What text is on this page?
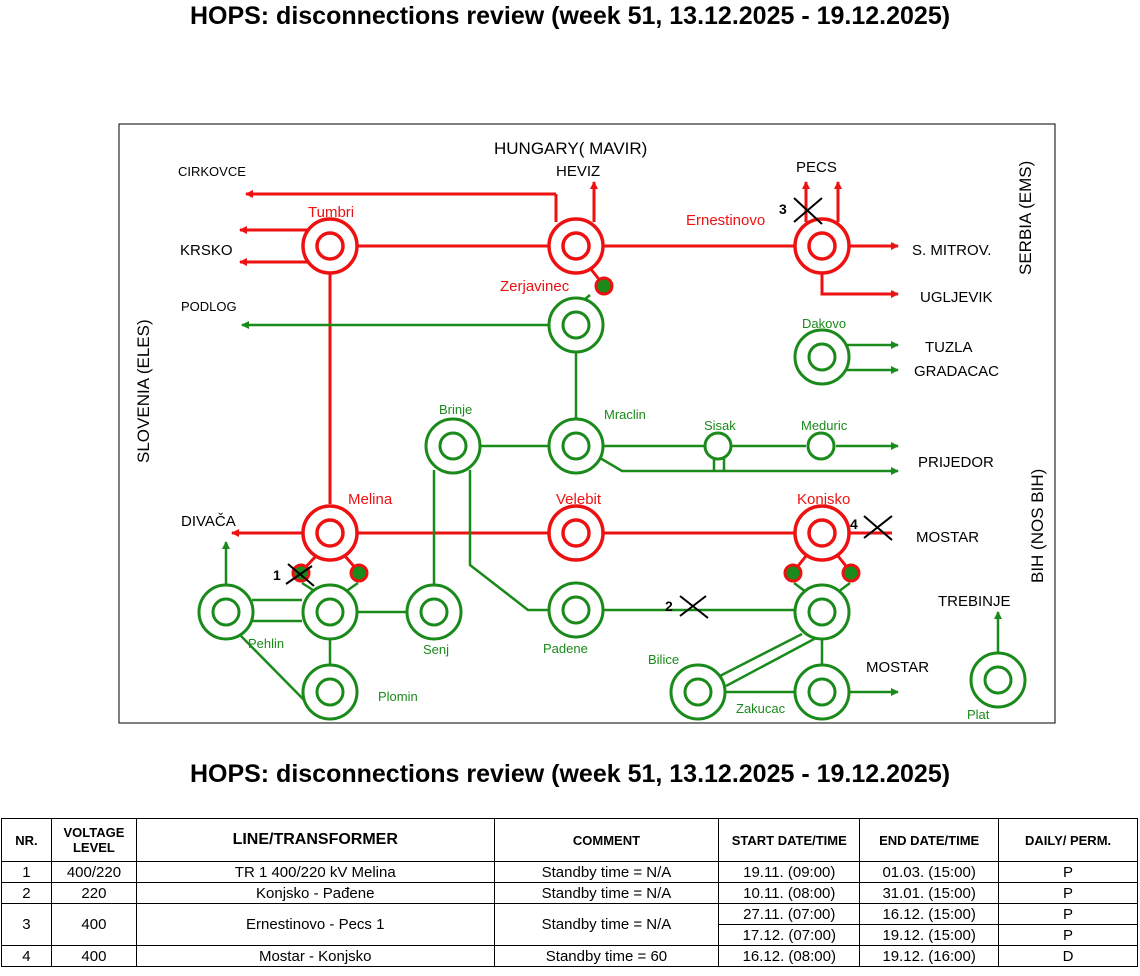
HOPS: disconnections review (week 51, 13.12.2025 - 19.12.2025)
1
2
3
4
HUNGARY( MAVIR)
SLOVENIA (ELES)
SERBIA (EMS)
BIH (NOS BIH)
Tumbri
Zerjavinec
Ernestinovo
Melina	Velebit	Konjsko
Dakovo
Brinje	Mraclin
Sisak	Meduric
Pehlin	Senj
Plomin
Padene
Bilice
Zakucac	Plat
CIRKOVCE
KRSKO
PODLOG
DIVAČA
HEVIZ	PECS
S. MITROV.
UGLJEVIK
TUZLA
GRADACAC
PRIJEDOR
MOSTAR
TREBINJE
MOSTAR
HOPS: disconnections review (week 51, 13.12.2025 - 19.12.2025)
NR.	VOLTAGE LEVEL	LINE/TRANSFORMER	COMMENT	START DATE/TIME	END DATE/TIME	DAILY/ PERM.
1	400/220	TR 1 400/220 kV Melina	Standby time = N/A	19.11. (09:00)	01.03. (15:00)	P
2	220	Konjsko - Pađene	Standby time = N/A	10.11. (08:00)	31.01. (15:00)	P
3	400	Ernestinovo - Pecs 1	Standby time = N/A	27.11. (07:00)	16.12. (15:00)	P
				17.12. (07:00)	19.12. (15:00)	P
4	400	Mostar - Konjsko	Standby time = 60	16.12. (08:00)	19.12. (16:00)	D
